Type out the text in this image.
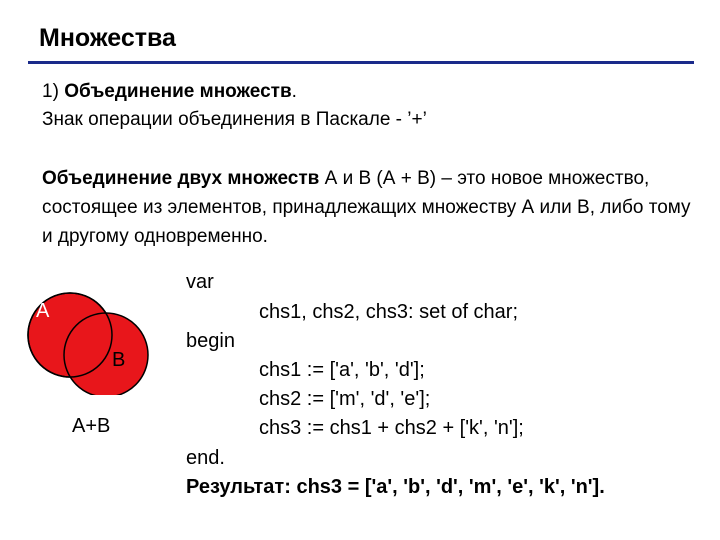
Множества
1) Объединение множеств.
Знак операции объединения в Паскале - ’+’
Объединение двух множеств А и В (А + В) – это новое множество, состоящее из элементов, принадлежащих множеству А или В, либо тому и другому одновременно.
A
B
A+B
var
chs1, chs2, chs3: set of char;
begin
chs1 := ['a', 'b', 'd'];
chs2 := ['m', 'd', 'e'];
chs3 := chs1 + chs2 + ['k', 'n'];
end.
Результат: chs3 = ['a', 'b', 'd', 'm', 'e', 'k', 'n'].
